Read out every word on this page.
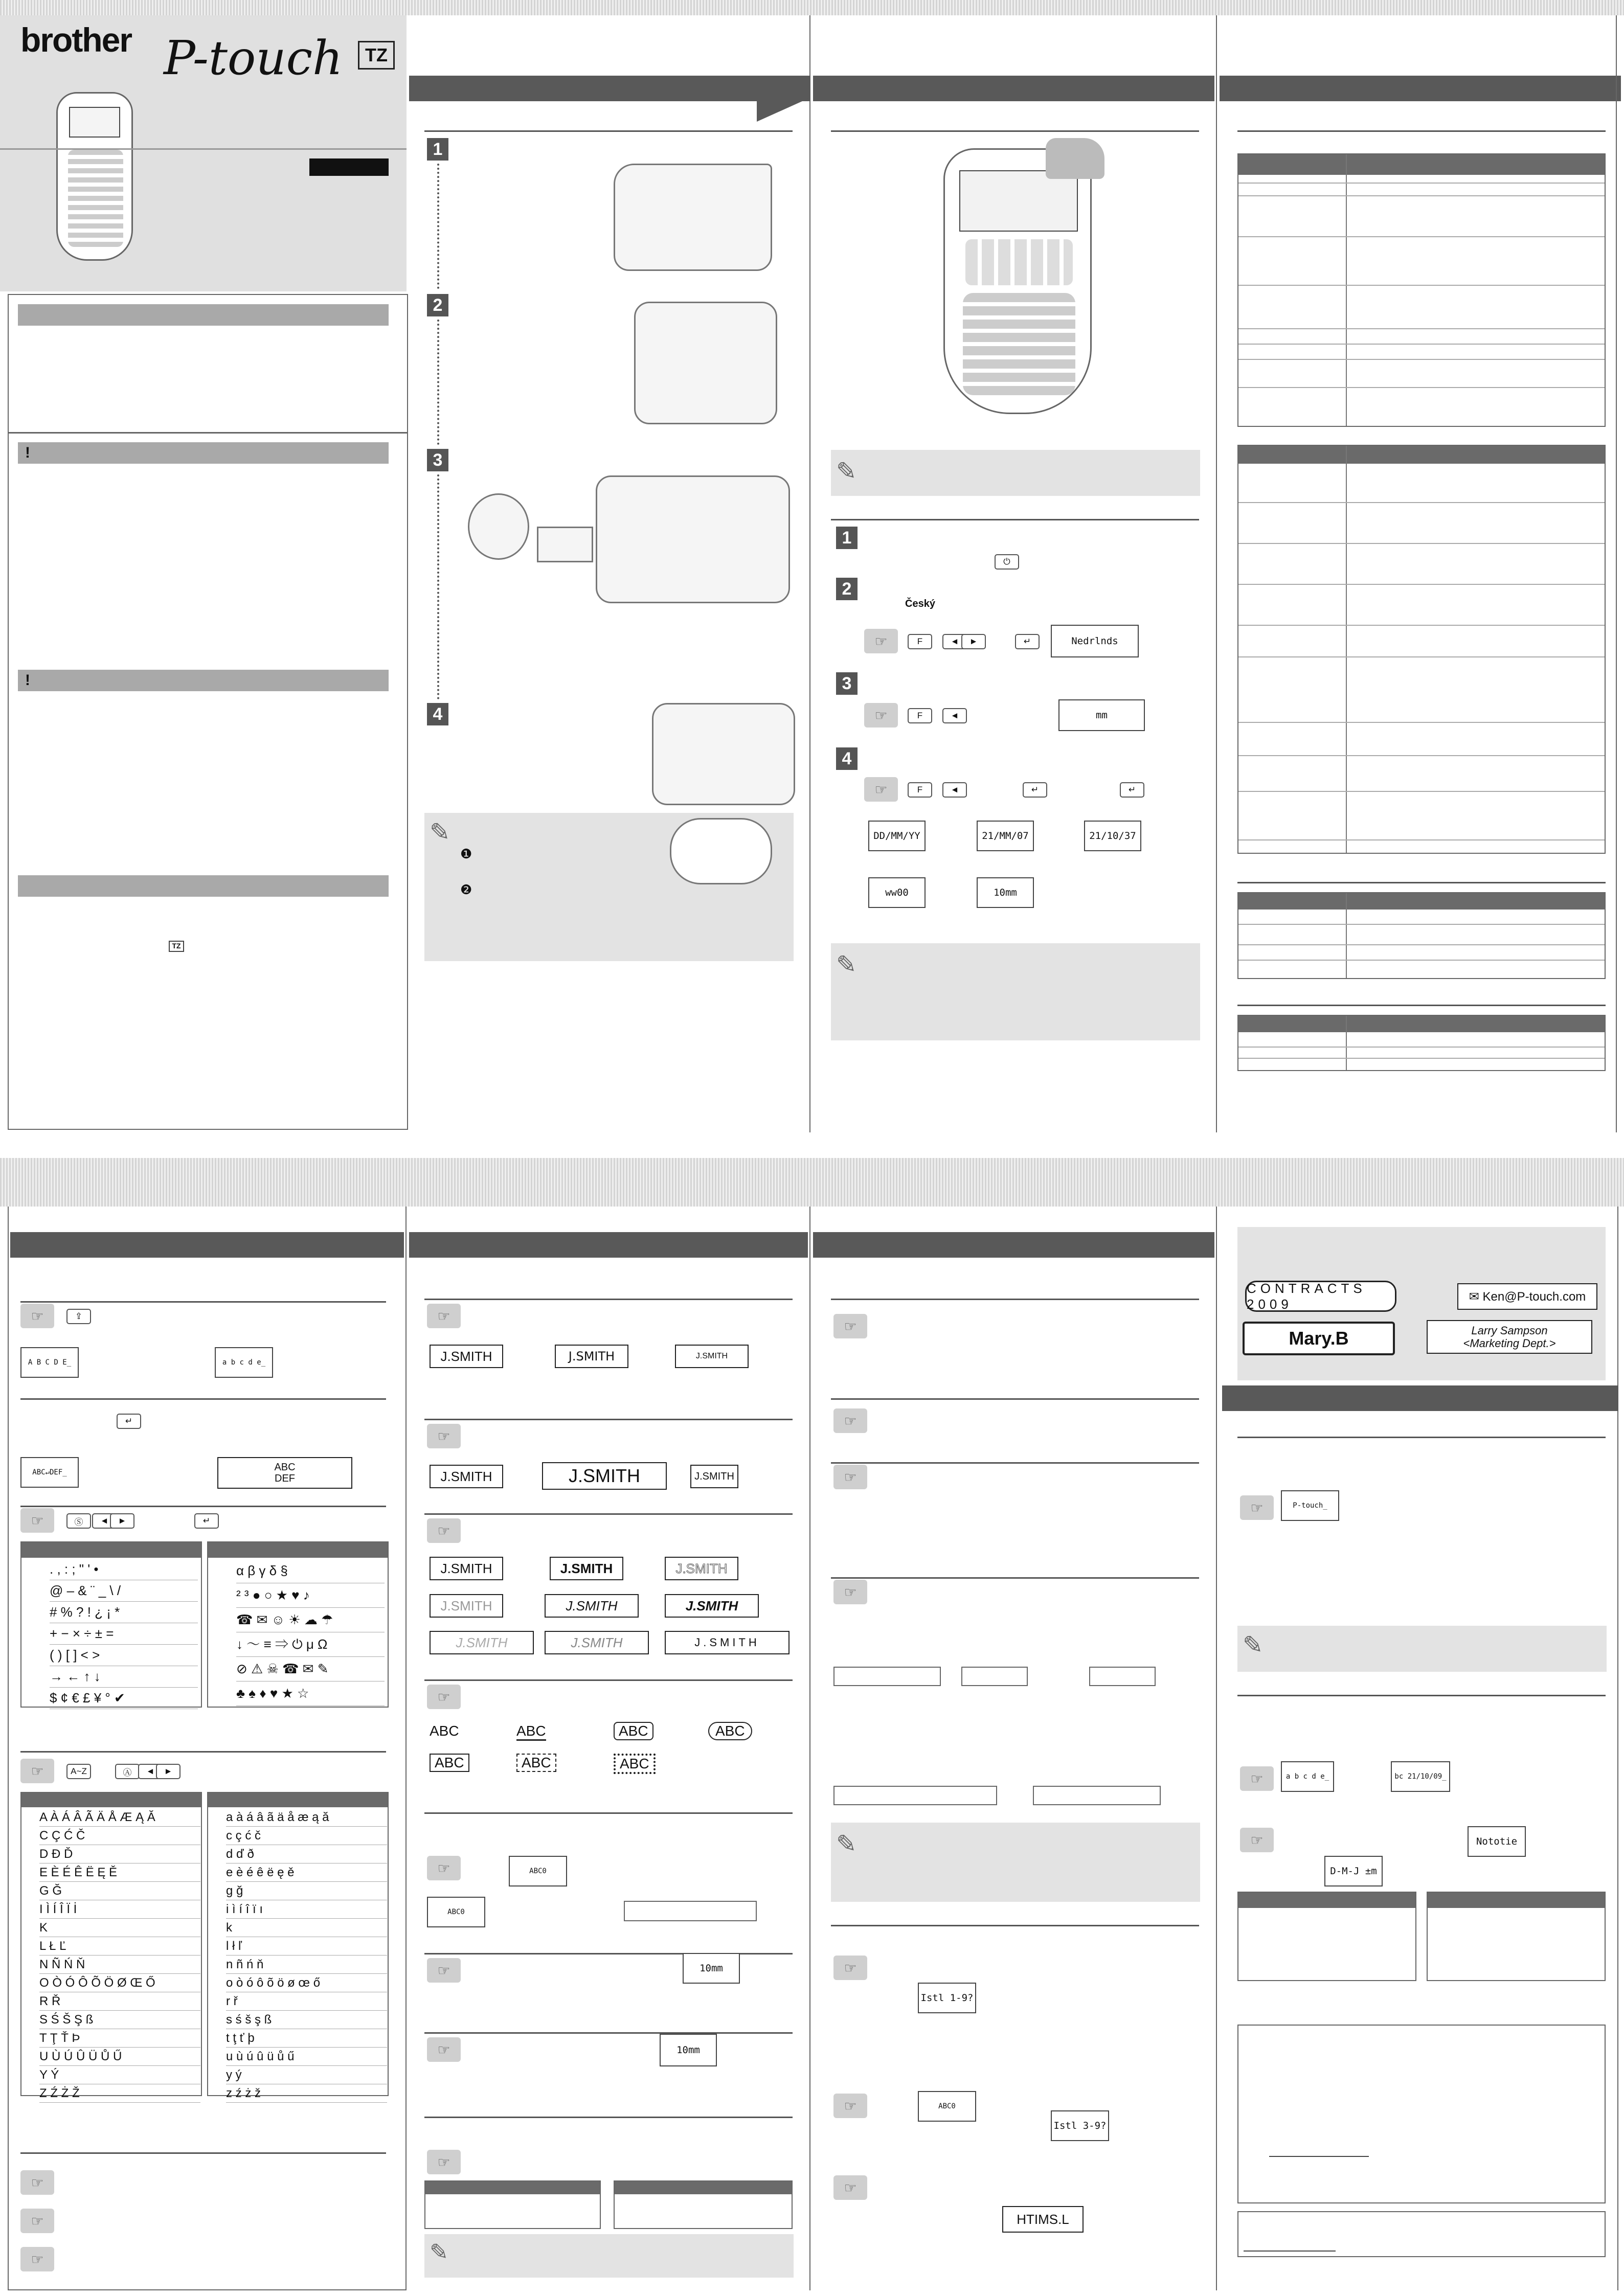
brother P-touch	TZ
!
!
TZ
1
2
3
4
✎
❶
❷
✎
1
2
3
4
⏻
Český
☞	F	◄	►	↵	Nedrlnds
☞	F	◄	mm
☞	F	◄	↵	↵
DD/MM/YY	21/MM/07	21/10/37
ww00	10mm
✎
☞	⇪
A B C D E_	a b c d e_
↵
ABC↵DEF_	ABC
DEF
☞	Ⓢ	◄	►	↵
. , : ; " ' •
@ – & ¨ _ \ /
# % ? ! ¿ ¡ *
+ − × ÷ ± =
( ) [ ] < >
→ ← ↑ ↓
$ ¢ € £ ¥ ° ✔
α β γ δ §
² ³ ● ○ ★ ♥ ♪
☎ ✉ ☺ ☀ ☁ ☂
↓ 〜 ≡ ⇒ ⏻ μ Ω
⊘ ⚠ ☠ ☎ ✉ ✎
♣ ♠ ♦ ♥ ★ ☆
☞	A~Z	Ⓐ	◄	►
A À Á Â Ã Ä Å Æ Ą Ă
C Ç Ć Č
D Ð Ď
E È É Ê Ë Ę Ě
G Ğ
I Ì Í Î Ï İ
K
L Ł Ľ
N Ñ Ń Ň
O Ò Ó Ô Õ Ö Ø Œ Ő
R Ř
S Ś Š Ş ß
T Ţ Ť Þ
U Ù Ú Û Ü Ů Ű
Y Ý
Z Ź Ż Ž
a à á â ã ä å æ ą ă
c ç ć č
d ď ð
e è é ê ë ę ě
g ğ
i ì í î ï ı
k
l ł ľ
n ñ ń ň
o ò ó ô õ ö ø œ ő
r ř
s ś š ş ß
t ţ ť þ
u ù ú û ü ů ű
y ý
z ź ż ž
☞
☞
☞
☞
J.SMITH	J.SMITH	J.SMITH
☞
J.SMITH	J.SMITH	J.SMITH
☞
J.SMITH	J.SMITH	J.SMITH
J.SMITH	J.SMITH	J.SMITH
J.SMITH	J.SMITH	J.SMITH
☞
ABC	ABC	ABC	ABC
ABC	ABC	ABC
☞	ABC0
ABC0
☞	10mm
☞	10mm
☞
✎
☞
☞
☞
☞
✎
☞
Istl 1-9?
☞	ABC0
Istl 3-9?
☞
HTIMS.L
CONTRACTS 2009	✉ Ken@P-touch.com
Mary.B	Larry Sampson
<Marketing Dept.>
☞	P-touch_
✎
☞	a b c d e_	bc 21/10/09_
☞	Nototie
D-M-J ±m
